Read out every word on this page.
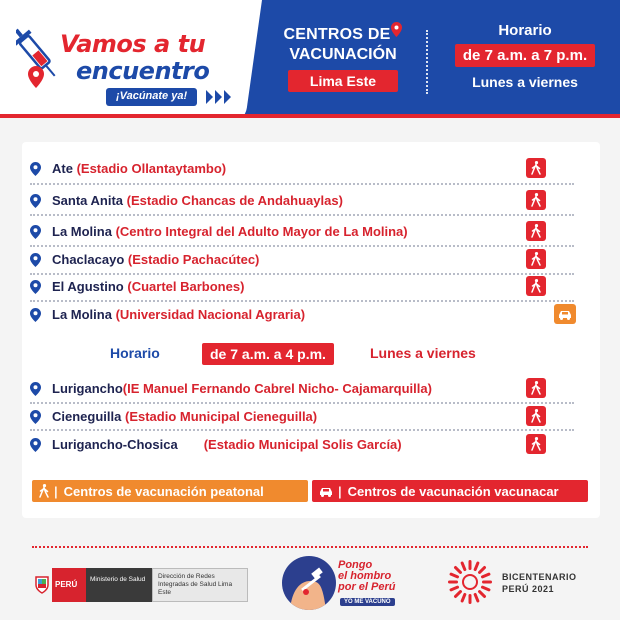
Vamos a tu
encuentro
¡Vacúnate ya!
CENTROS DE
VACUNACIÓN
Lima Este
Horario
de 7 a.m. a 7 p.m.
Lunes a viernes
Ate (Estadio Ollantaytambo)
Santa Anita (Estadio Chancas de Andahuaylas)
La Molina (Centro Integral del Adulto Mayor de La Molina)
Chaclacayo (Estadio Pachacútec)
El Agustino (Cuartel Barbones)
La Molina (Universidad Nacional Agraria)
Horario	de 7 a.m. a 4 p.m.	Lunes a viernes
Lurigancho(IE Manuel Fernando Cabrel Nicho- Cajamarquilla)
Cieneguilla (Estadio Municipal Cieneguilla)
Lurigancho-Chosica (Estadio Municipal Solis García)
| Centros de vacunación peatonal	| Centros de vacunación vacunacar
PERÚ
Ministerio de Salud	Dirección de Redes Integradas de Salud Lima Este
Pongo
el hombro
por el Perú
YO ME VACUNO
BICENTENARIO
PERÚ 2021
